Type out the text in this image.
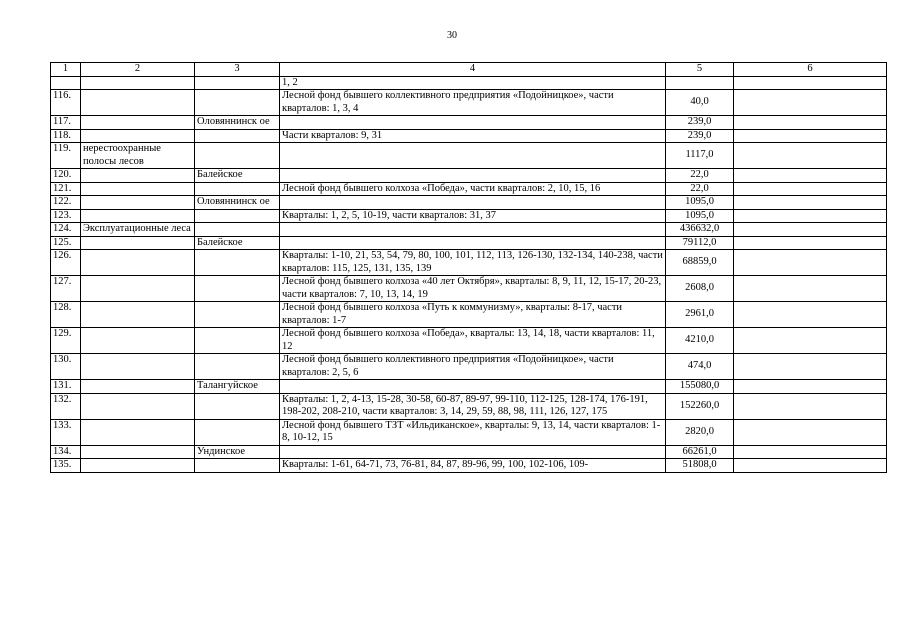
30
1	2	3	4	5	6
			1, 2		
116.			Лесной фонд бывшего коллективного предприятия «Подойницкое», части кварталов: 1, 3, 4	40,0	
117.		Оловяннинск ое		239,0	
118.			Части кварталов: 9, 31	239,0	
119.	нерестоохранные полосы лесов			1117,0	
120.		Балейское		22,0	
121.			Лесной фонд бывшего колхоза «Победа», части кварталов: 2, 10, 15, 16	22,0	
122.		Оловяннинск ое		1095,0	
123.			Кварталы: 1, 2, 5, 10-19, части кварталов: 31, 37	1095,0	
124.	Эксплуатационные леса			436632,0	
125.		Балейское		79112,0	
126.			Кварталы: 1-10, 21, 53, 54, 79, 80, 100, 101, 112, 113, 126-130, 132-134, 140-238, части кварталов: 115, 125, 131, 135, 139	68859,0	
127.			Лесной фонд бывшего колхоза «40 лет Октября», кварталы: 8, 9, 11, 12, 15-17, 20-23, части кварталов: 7, 10, 13, 14, 19	2608,0	
128.			Лесной фонд бывшего колхоза «Путь к коммунизму», кварталы: 8-17, части кварталов: 1-7	2961,0	
129.			Лесной фонд бывшего колхоза «Победа», кварталы: 13, 14, 18, части кварталов: 11, 12	4210,0	
130.			Лесной фонд бывшего коллективного предприятия «Подойницкое», части кварталов: 2, 5, 6	474,0	
131.		Талангуйское		155080,0	
132.			Кварталы: 1, 2, 4-13, 15-28, 30-58, 60-87, 89-97, 99-110, 112-125, 128-174, 176-191, 198-202, 208-210, части кварталов: 3, 14, 29, 59, 88, 98, 111, 126, 127, 175	152260,0	
133.			Лесной фонд бывшего ТЗТ «Ильдиканское», кварталы: 9, 13, 14, части кварталов: 1-8, 10-12, 15	2820,0	
134.		Ундинское		66261,0	
135.			Кварталы: 1-61, 64-71, 73, 76-81, 84, 87, 89-96, 99, 100, 102-106, 109-	51808,0	
